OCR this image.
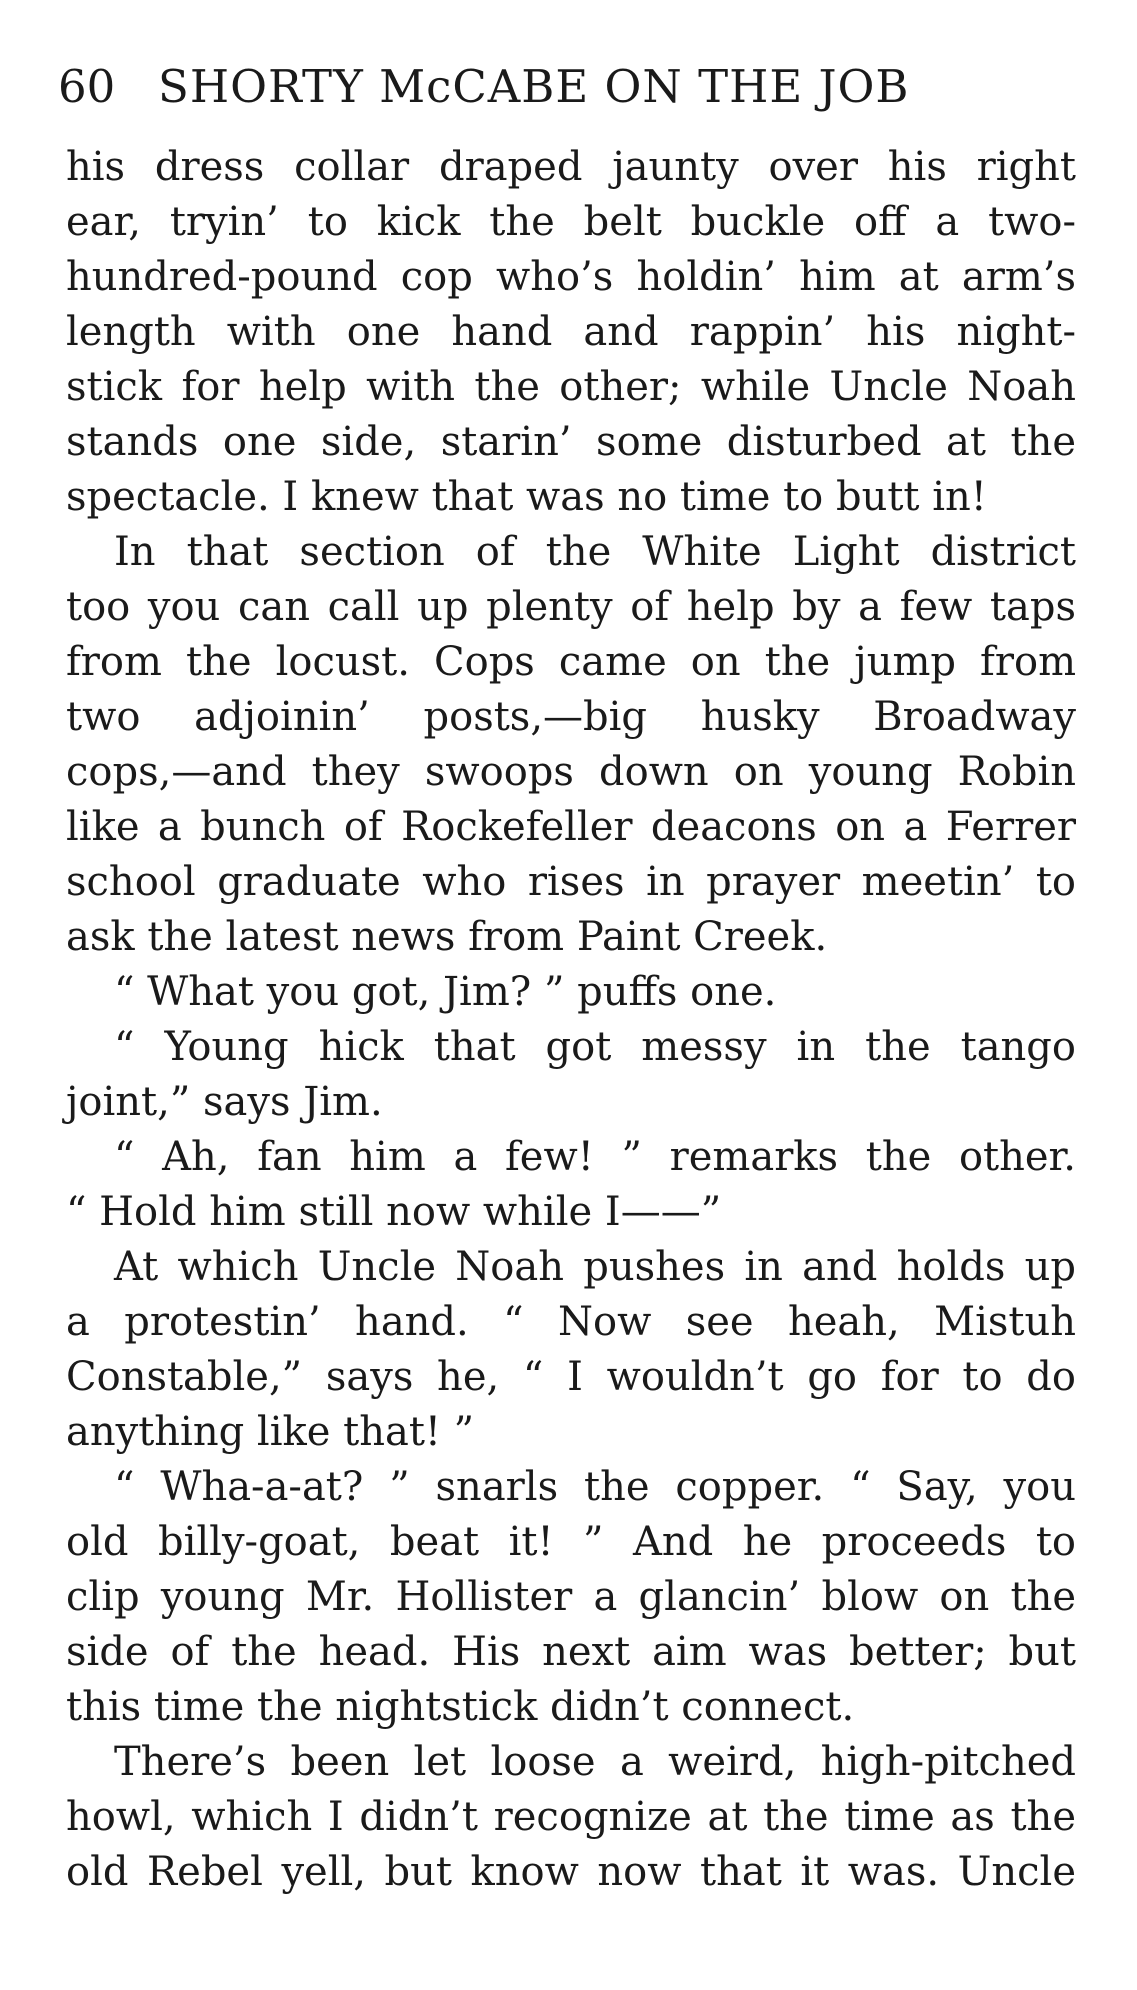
60 SHORTY McCABE ON THE JOB
his dress collar draped jaunty over his right
ear, tryin’ to kick the belt buckle off a two-
hundred-pound cop who’s holdin’ him at arm’s
length with one hand and rappin’ his night-
stick for help with the other; while Uncle Noah
stands one side, starin’ some disturbed at the
spectacle. I knew that was no time to butt in!
In that section of the White Light district
too you can call up plenty of help by a few taps
from the locust. Cops came on the jump from
two adjoinin’ posts,—big husky Broadway
cops,—and they swoops down on young Robin
like a bunch of Rockefeller deacons on a Ferrer
school graduate who rises in prayer meetin’ to
ask the latest news from Paint Creek.
“ What you got, Jim? ” puffs one.
“ Young hick that got messy in the tango
joint,” says Jim.
“ Ah, fan him a few! ” remarks the other.
“ Hold him still now while I——”
At which Uncle Noah pushes in and holds up
a protestin’ hand. “ Now see heah, Mistuh
Constable,” says he, “ I wouldn’t go for to do
anything like that! ”
“ Wha-a-at? ” snarls the copper. “ Say, you
old billy-goat, beat it! ” And he proceeds to
clip young Mr. Hollister a glancin’ blow on the
side of the head. His next aim was better; but
this time the nightstick didn’t connect.
There’s been let loose a weird, high-pitched
howl, which I didn’t recognize at the time as the
old Rebel yell, but know now that it was. Uncle
